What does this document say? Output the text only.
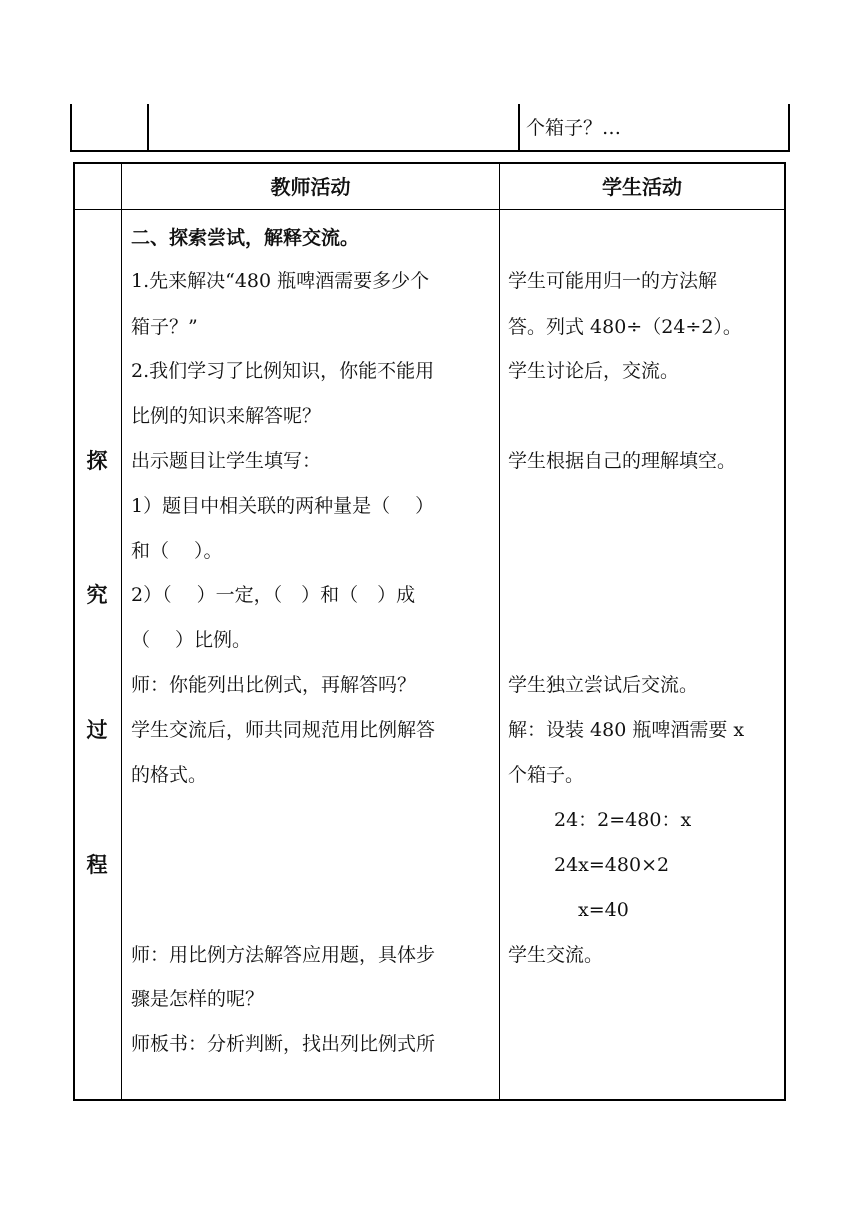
个箱子？…
教师活动	学生活动
探
究
过
程
二、探索尝试，解释交流。
1.先来解决“480 瓶啤酒需要多少个
箱子？”
2.我们学习了比例知识，你能不能用
比例的知识来解答呢？
出示题目让学生填写：
1）题目中相关联的两种量是（　 ）
和（　 ）。
2）（　 ）一定，（　）和（　）成
（　 ）比例。
师：你能列出比例式，再解答吗？
学生交流后，师共同规范用比例解答
的格式。
师：用比例方法解答应用题，具体步
骤是怎样的呢？
师板书：分析判断，找出列比例式所
学生可能用归一的方法解
答。列式 480÷（24÷2）。
学生讨论后，交流。
学生根据自己的理解填空。
学生独立尝试后交流。
解：设装 480 瓶啤酒需要 x
个箱子。
24：2=480：x
24x=480×2
x=40
学生交流。
